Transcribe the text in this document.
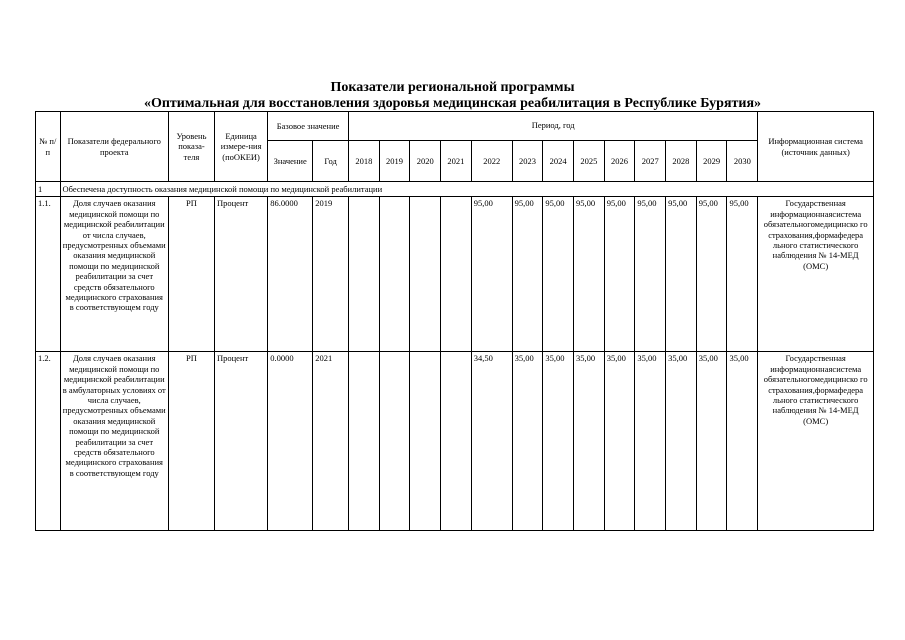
Показатели региональной программы
«Оптимальная для восстановления здоровья медицинская реабилитация в Республике Бурятия»
№ п/п	Показатели федерального проекта	Уровень показа-теля	Единица измере-ния (поОКЕИ)	Базовое значение		Период, год													Информационная система (источник данных)
				Значение	Год	2018	2019	2020	2021	2022	2023	2024	2025	2026	2027	2028	2029	2030	
1	Обеспечена доступность оказания медицинской помощи по медицинской реабилитации																		
1.1.	Доля случаев оказания медицинской помощи по медицинской реабилитации от числа случаев, предусмотренных объемами оказания медицинской помощи по медицинской реабилитации за счет средств обязательного медицинского страхования в соответствующем году	РП	Процент	86.0000	2019					95,00	95,00	95,00	95,00	95,00	95,00	95,00	95,00	95,00	Государственная информационнаясистема обязательногомедицинско го страхования,формафедера льного статистического наблюдения № 14-МЕД (ОМС)
1.2.	Доля случаев оказания медицинской помощи по медицинской реабилитации в амбулаторных условиях от числа случаев, предусмотренных объемами оказания медицинской помощи по медицинской реабилитации за счет средств обязательного медицинского страхования в соответствующем году	РП	Процент	0.0000	2021					34,50	35,00	35,00	35,00	35,00	35,00	35,00	35,00	35,00	Государственная информационнаясистема обязательногомедицинско го страхования,формафедера льного статистического наблюдения № 14-МЕД (ОМС)
